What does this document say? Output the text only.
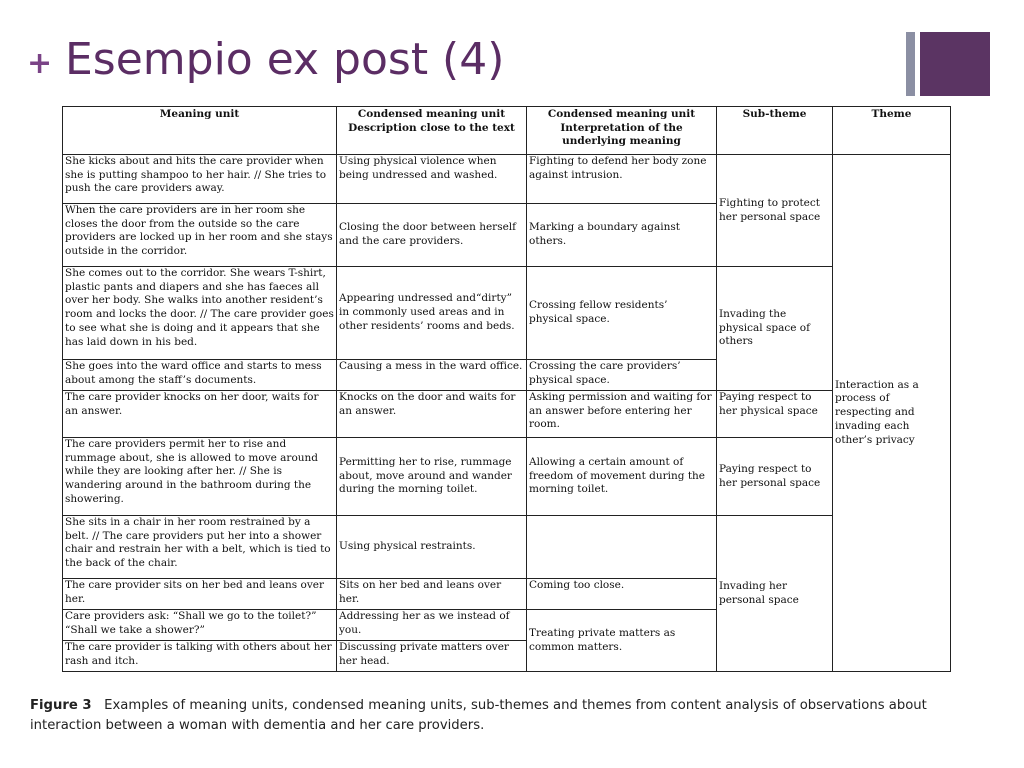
+ Esempio ex post (4)
Meaning unit	Condensed meaning unit Description close to the text	Condensed meaning unit Interpretation of the underlying meaning	Sub-theme	Theme
She kicks about and hits the care provider when she is putting shampoo to her hair. // She tries to push the care providers away.	Using physical violence when being undressed and washed.	Fighting to defend her body zone against intrusion.	Fighting to protect her personal space	Interaction as a process of respecting and invading each other’s privacy
When the care providers are in her room she closes the door from the outside so the care providers are locked up in her room and she stays outside in the corridor.	Closing the door between herself and the care providers.	Marking a boundary against others.		
She comes out to the corridor. She wears T-shirt, plastic pants and diapers and she has faeces all over her body. She walks into another resident’s room and locks the door. // The care provider goes to see what she is doing and it appears that she has laid down in his bed.	Appearing undressed and“dirty” in commonly used areas and in other residents’ rooms and beds.	Crossing fellow residents’ physical space.	Invading the physical space of others	
She goes into the ward office and starts to mess about among the staff’s documents.	Causing a mess in the ward office.	Crossing the care providers’ physical space.		
The care provider knocks on her door, waits for an answer.	Knocks on the door and waits for an answer.	Asking permission and waiting for an answer before entering her room.	Paying respect to her physical space	
The care providers permit her to rise and rummage about, she is allowed to move around while they are looking after her. // She is wandering around in the bathroom during the showering.	Permitting her to rise, rummage about, move around and wander during the morning toilet.	Allowing a certain amount of freedom of movement during the morning toilet.	Paying respect to her personal space	
She sits in a chair in her room restrained by a belt. // The care providers put her into a shower chair and restrain her with a belt, which is tied to the back of the chair.	Using physical restraints.		Invading her personal space	
The care provider sits on her bed and leans over her.	Sits on her bed and leans over her.	Coming too close.		
Care providers ask: “Shall we go to the toilet?” “Shall we take a shower?”	Addressing her as we instead of you.	Treating private matters as common matters.		
The care provider is talking with others about her rash and itch.	Discussing private matters over her head.			
Figure 3 Examples of meaning units, condensed meaning units, sub-themes and themes from content analysis of observations about interaction between a woman with dementia and her care providers.
